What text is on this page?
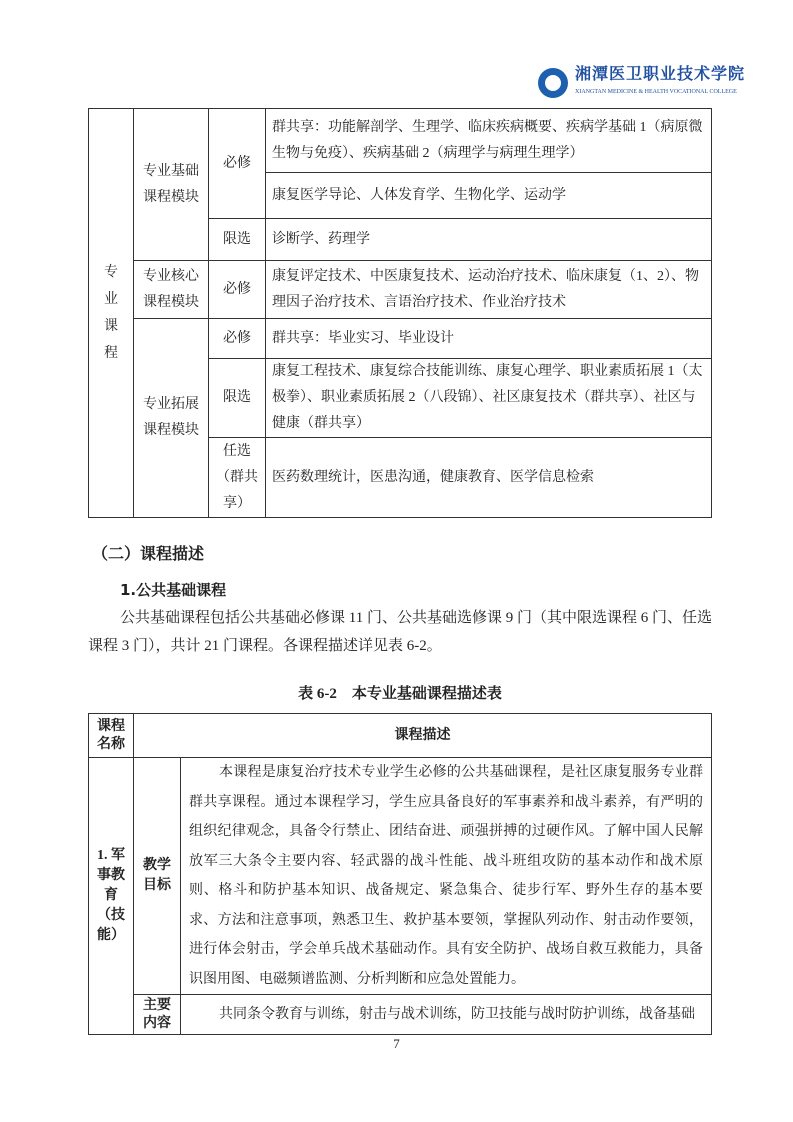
湘潭医卫职业技术学院
XIANGTAN MEDICINE & HEALTH VOCATIONAL COLLEGE
专业课程	专业基础课程模块	必修	群共享：功能解剖学、生理学、临床疾病概要、疾病学基础 1（病原微生物与免疫）、疾病基础 2（病理学与病理生理学）
			康复医学导论、人体发育学、生物化学、运动学
		限选	诊断学、药理学
	专业核心课程模块	必修	康复评定技术、中医康复技术、运动治疗技术、临床康复（1、2）、物理因子治疗技术、言语治疗技术、作业治疗技术
	专业拓展课程模块	必修	群共享：毕业实习、毕业设计
		限选	康复工程技术、康复综合技能训练、康复心理学、职业素质拓展 1（太极拳）、职业素质拓展 2（八段锦）、社区康复技术（群共享）、社区与健康（群共享）
		任选（群共享）	医药数理统计，医患沟通，健康教育、医学信息检索
（二）课程描述
1.公共基础课程
公共基础课程包括公共基础必修课 11 门、公共基础选修课 9 门（其中限选课程 6 门、任选课程 3 门），共计 21 门课程。各课程描述详见表 6-2。
表 6-2　本专业基础课程描述表
课程名称	课程描述	
1. 军事教育（技能）	教学目标	本课程是康复治疗技术专业学生必修的公共基础课程，是社区康复服务专业群群共享课程。通过本课程学习，学生应具备良好的军事素养和战斗素养，有严明的组织纪律观念，具备令行禁止、团结奋进、顽强拼搏的过硬作风。了解中国人民解放军三大条令主要内容、轻武器的战斗性能、战斗班组攻防的基本动作和战术原则、格斗和防护基本知识、战备规定、紧急集合、徒步行军、野外生存的基本要求、方法和注意事项，熟悉卫生、救护基本要领，掌握队列动作、射击动作要领，进行体会射击，学会单兵战术基础动作。具有安全防护、战场自救互救能力，具备识图用图、电磁频谱监测、分析判断和应急处置能力。
	主要内容	共同条令教育与训练，射击与战术训练，防卫技能与战时防护训练，战备基础
7
